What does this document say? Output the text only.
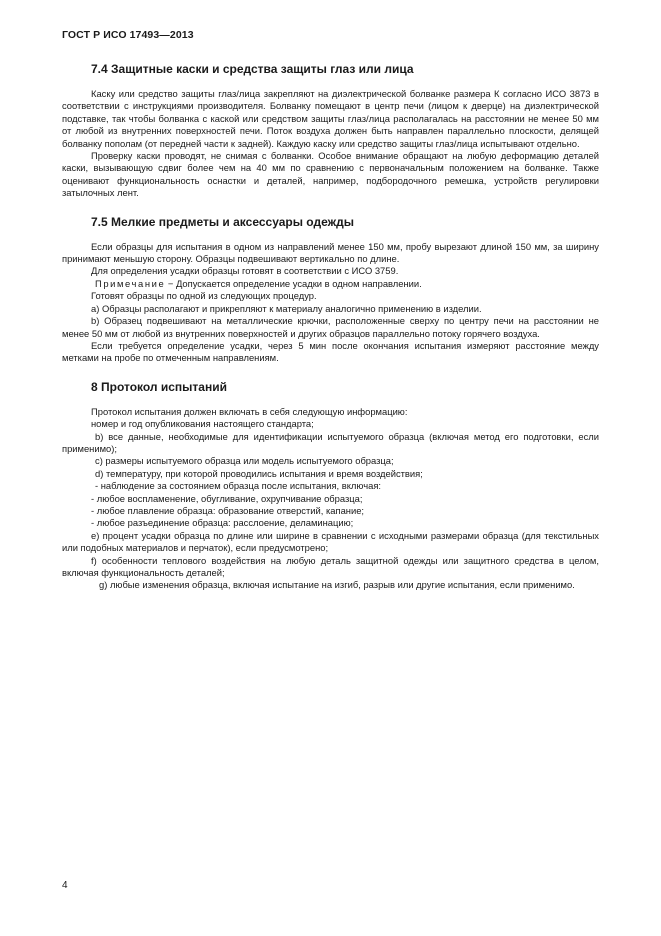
ГОСТ Р ИСО 17493—2013
7.4 Защитные каски и средства защиты глаз или лица

Каску или средство защиты глаз/лица закрепляют на диэлектрической болванке размера К согласно ИСО 3873 в соответствии с инструкциями производителя. Болванку помещают в центр печи (лицом к дверце) на диэлектрической подставке, так чтобы болванка с каской или средством защиты глаз/лица располагалась на расстоянии не менее 50 мм от любой из внутренних поверхностей печи. Поток воздуха должен быть направлен параллельно плоскости, делящей болванку пополам (от передней части к задней). Каждую каску или средство защиты глаз/лица испытывают отдельно.

Проверку каски проводят, не снимая с болванки. Особое внимание обращают на любую деформацию деталей каски, вызывающую сдвиг более чем на 40 мм по сравнению с первоначальным положением на болванке. Также оценивают функциональность оснастки и деталей, например, подбородочного ремешка, устройств регулировки затылочных лент.

7.5 Мелкие предметы и аксессуары одежды

Если образцы для испытания в одном из направлений менее 150 мм, пробу вырезают длиной 150 мм, за ширину принимают меньшую сторону. Образцы подвешивают вертикально по длине.

Для определения усадки образцы готовят в соответствии с ИСО 3759.

Примечание − Допускается определение усадки в одном направлении.

Готовят образцы по одной из следующих процедур.

а) Образцы располагают и прикрепляют к материалу аналогично применению в изделии.

b) Образец подвешивают на металлические крючки, расположенные сверху по центру печи на расстоянии не менее 50 мм от любой из внутренних поверхностей и других образцов параллельно потоку горячего воздуха.

Если требуется определение усадки, через 5 мин после окончания испытания измеряют расстояние между метками на пробе по отмеченным направлениям.

8 Протокол испытаний

Протокол испытания должен включать в себя следующую информацию:

номер и год опубликования настоящего стандарта;

b) все данные, необходимые для идентификации испытуемого образца (включая метод его подготовки, если применимо);

c) размеры испытуемого образца или модель испытуемого образца;

d) температуру, при которой проводились испытания и время воздействия;

- наблюдение за состоянием образца после испытания, включая:

- любое воспламенение, обугливание, охрупчивание образца;

- любое плавление образца: образование отверстий, капание;

- любое разъединение образца: расслоение, деламинацию;

e) процент усадки образца по длине или ширине в сравнении с исходными размерами образца (для текстильных или подобных материалов и перчаток), если предусмотрено;

f) особенности теплового воздействия на любую деталь защитной одежды или защитного средства в целом, включая функциональность деталей;

g) любые изменения образца, включая испытание на изгиб, разрыв или другие испытания, если применимо.

4
